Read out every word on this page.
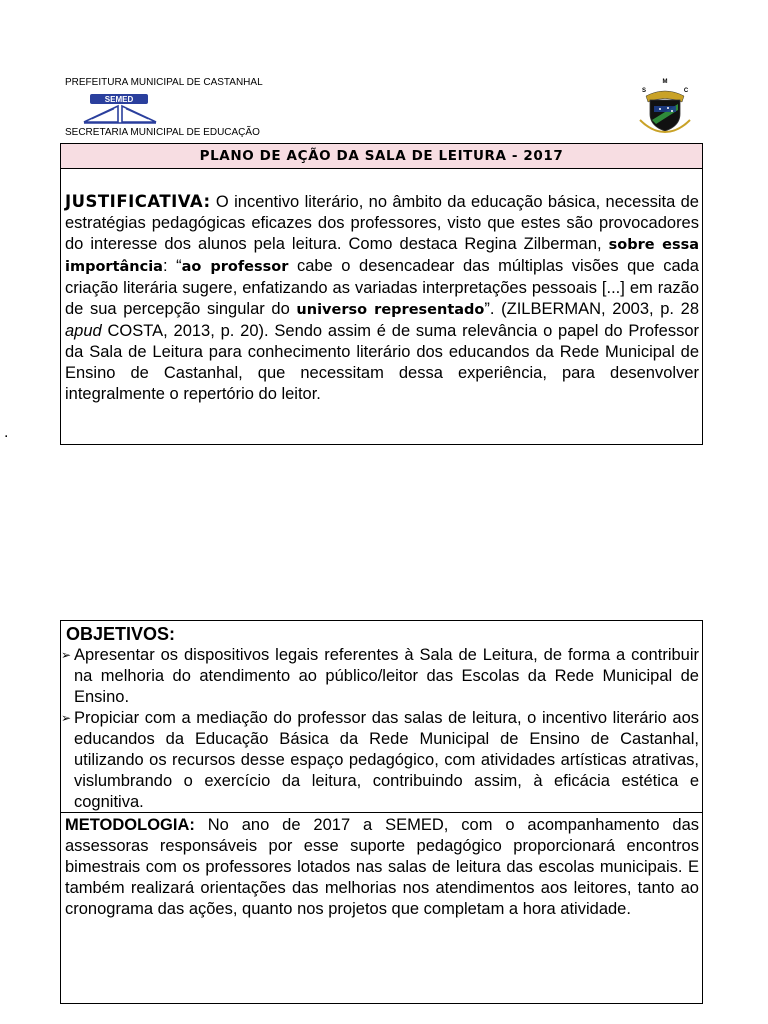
PREFEITURA MUNICIPAL DE CASTANHAL
SEMED
M
S	C
SECRETARIA MUNICIPAL DE EDUCAÇÃO
PLANO DE AÇÃO DA SALA DE LEITURA - 2017
JUSTIFICATIVA: O incentivo literário, no âmbito da educação básica, necessita de estratégias pedagógicas eficazes dos professores, visto que estes são provocadores do interesse dos alunos pela leitura. Como destaca Regina Zilberman, sobre essa importância: “ao professor cabe o desencadear das múltiplas visões que cada criação literária sugere, enfatizando as variadas interpretações pessoais [...] em razão de sua percepção singular do universo representado”. (ZILBERMAN, 2003, p. 28 apud COSTA, 2013, p. 20). Sendo assim é de suma relevância o papel do Professor da Sala de Leitura para conhecimento literário dos educandos da Rede Municipal de Ensino de Castanhal, que necessitam dessa experiência, para desenvolver integralmente o repertório do leitor.
.
OBJETIVOS:
➢ Apresentar os dispositivos legais referentes à Sala de Leitura, de forma a contribuir na melhoria do atendimento ao público/leitor das Escolas da Rede Municipal de Ensino.
➢ Propiciar com a mediação do professor das salas de leitura, o incentivo literário aos educandos da Educação Básica da Rede Municipal de Ensino de Castanhal, utilizando os recursos desse espaço pedagógico, com atividades artísticas atrativas, vislumbrando o exercício da leitura, contribuindo assim, à eficácia estética e cognitiva.
METODOLOGIA: No ano de 2017 a SEMED, com o acompanhamento das assessoras responsáveis por esse suporte pedagógico proporcionará encontros bimestrais com os professores lotados nas salas de leitura das escolas municipais. E também realizará orientações das melhorias nos atendimentos aos leitores, tanto ao cronograma das ações, quanto nos projetos que completam a hora atividade.
